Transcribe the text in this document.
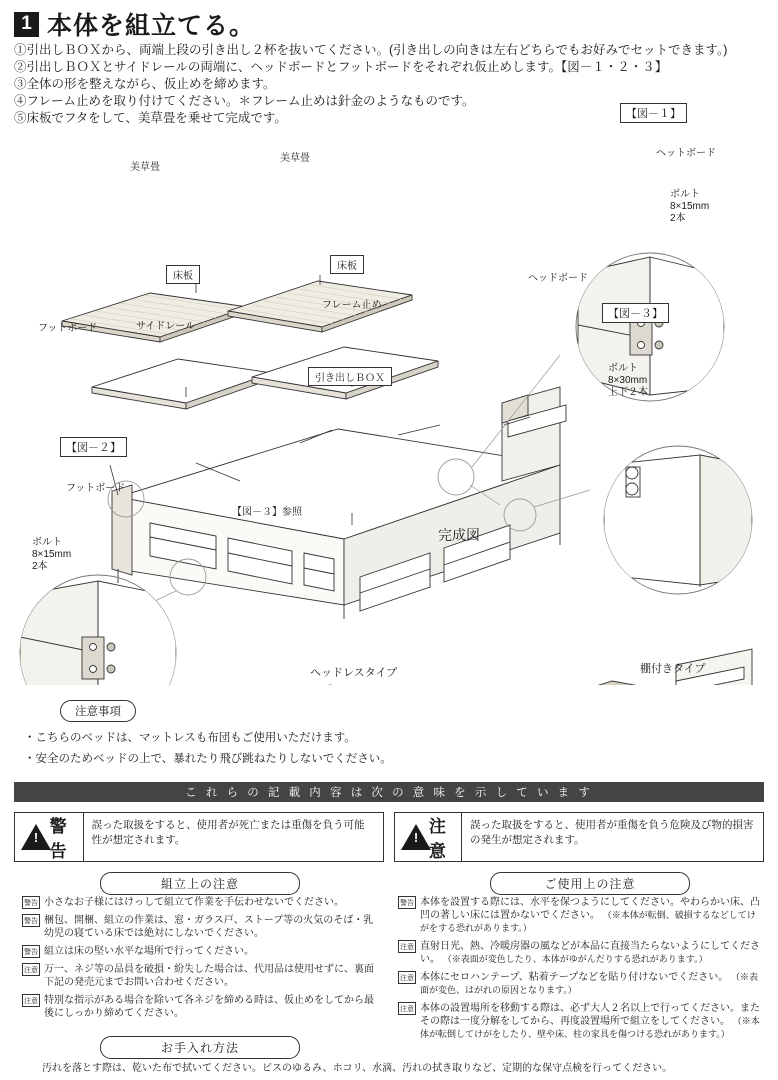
1 本体を組立てる。
①引出しＢＯＸから、両端上段の引き出し２杯を抜いてください。(引き出しの向きは左右どちらでもお好みでセットできます。)
②引出しＢＯＸとサイドレールの両端に、ヘッドボードとフットボードをそれぞれ仮止めします。【図－１・２・３】
③全体の形を整えながら、仮止めを締めます。
④フレーム止めを取り付けてください。＊フレーム止めは針金のようなものです。
⑤床板でフタをして、美草畳を乗せて完成です。
美草畳
美草畳
床板
床板
フレーム止め
フットボード	サイドレール
引き出しＢＯＸ
ヘッドボード
【図－３】参照
【図－１】
【図－２】
【図－３】
ヘットボード
ボルト
8×15mm
2本
フットボード
ボルト
8×15mm
2本
ボルト
8×30mm
上下２本
完成図
ヘッドレスタイプ	棚付きタイプ
注意事項
・こちらのベッドは、マットレスも布団もご使用いただけます。
・安全のためベッドの上で、暴れたり飛び跳ねたりしないでください。
こ れ ら の 記 載 内 容 は 次 の 意 味 を 示 し て い ま す
!
警告
誤った取扱をすると、使用者が死亡または重傷を負う可能性が想定されます。
!
注意
誤った取扱をすると、使用者が重傷を負う危険及び物的損害の発生が想定されます。
組立上の注意
警告 小さなお子様にはけっして組立て作業を手伝わせないでください。
警告 梱包、開梱、組立の作業は、窓・ガラス戸、ストーブ等の火気のそば・乳幼児の寝ている床では絶対にしないでください。
警告 組立は床の堅い水平な場所で行ってください。
注意 万一、ネジ等の品員を破損・紛失した場合は、代用品は使用せずに、裏面下記の発売元までお問い合わせください。
注意 特別な指示がある場合を除いて各ネジを締める時は、仮止めをしてから最後にしっかり締めてください。
ご使用上の注意
警告 本体を設置する際には、水平を保つようにしてください。やわらかい床、凸凹の著しい床には置かないでください。 （※本体が転倒、破損するなどしてけがをする恐れがあります。）
注意 直射日光、熱、冷暖房器の風などが本品に直接当たらないようにしてください。 （※表面が変色したり、本体がゆがんだりする恐れがあります。）
注意 本体にセロハンテープ、粘着テープなどを貼り付けないでください。 （※表面が変色、はがれの原因となります。）
注意 本体の設置場所を移動する際は、必ず大人２名以上で行ってください。またその際は一度分解をしてから、再度設置場所で組立をしてください。 （※本体が転倒してけがをしたり、壁や床、柱の家具を傷つける恐れがあります。）
お手入れ方法
汚れを落とす際は、乾いた布で拭いてください。ビスのゆるみ、ホコリ、水滴、汚れの拭き取りなど、定期的な保守点検を行ってください。
